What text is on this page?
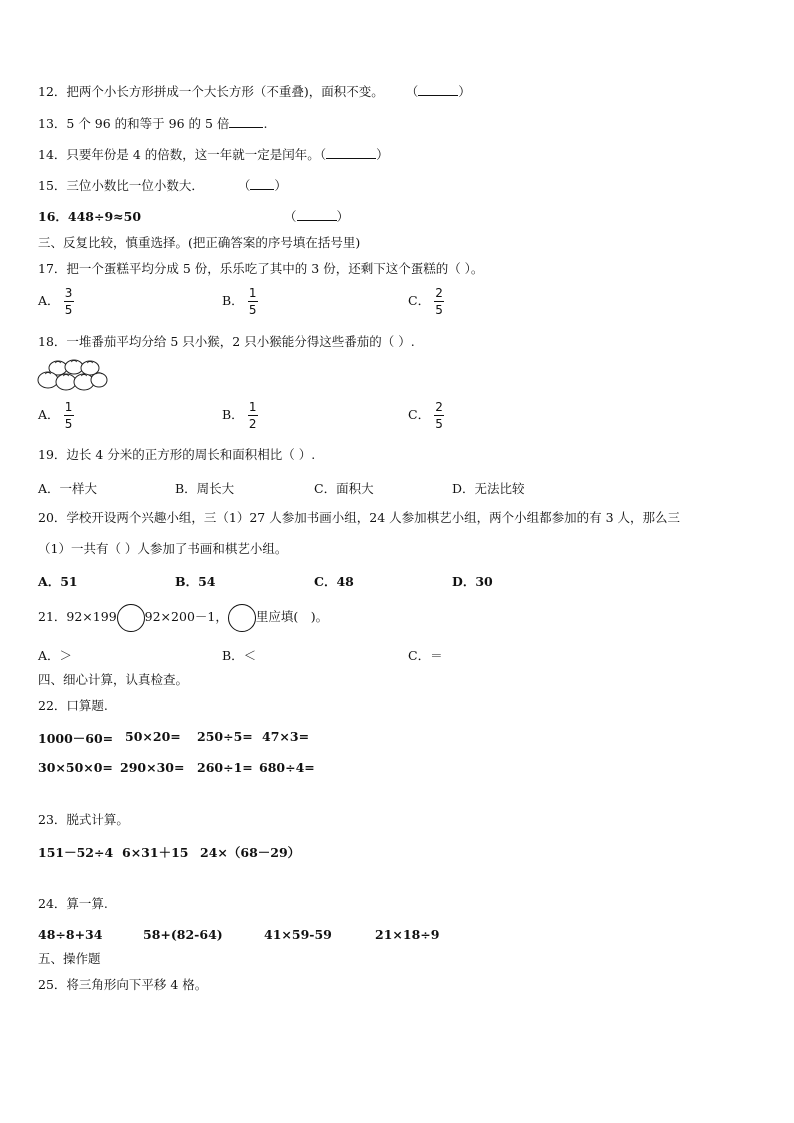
12．把两个小长方形拼成一个大长方形（不重叠)，面积不变。 （	）
13．5 个 96 的和等于 96 的 5 倍	.
14．只要年份是 4 的倍数，这一年就一定是闰年。（	）
15．三位小数比一位小数大．	（ ）
16．448÷9≈50	（	）
三、反复比较，慎重选择。(把正确答案的序号填在括号里)
17．把一个蛋糕平均分成 5 份，乐乐吃了其中的 3 份，还剩下这个蛋糕的（ ）。
A． $\frac{3}{5}$	B． $\frac{1}{5}$	C． $\frac{2}{5}$
18．一堆番茄平均分给 5 只小猴，2 只小猴能分得这些番茄的（ ）.
A． $\frac{1}{5}$	B． $\frac{1}{2}$	C． $\frac{2}{5}$
19．边长 4 分米的正方形的周长和面积相比（ ）.
A．一样大	B．周长大	C．面积大	D．无法比较
20．学校开设两个兴趣小组，三（1）27 人参加书画小组，24 人参加棋艺小组，两个小组都参加的有 3 人，那么三
（1）一共有（ ）人参加了书画和棋艺小组。
A．51	B．54	C．48	D．30
21．92×199 92×200－1， 里应填(　)。
A．＞	B．＜	C．＝
四、细心计算，认真检查。
22．口算题.
1000－60= 50×20= 250÷5= 47×3=
30×50×0= 290×30= 260÷1= 680÷4=
23．脱式计算。
151－52÷4 6×31＋15 24×（68－29）
24．算一算.
48÷8+34	58+(82-64)	41×59-59	21×18÷9
五、操作题
25．将三角形向下平移 4 格。
